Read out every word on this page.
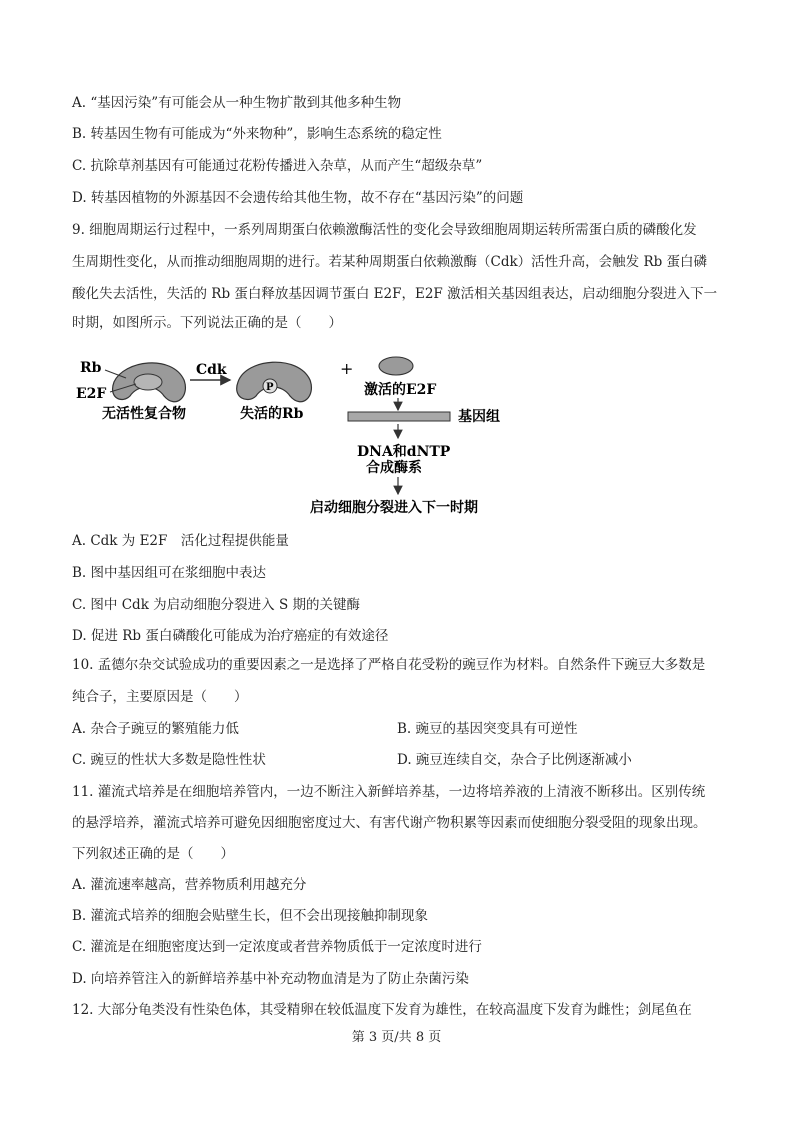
A. “基因污染”有可能会从一种生物扩散到其他多种生物
B. 转基因生物有可能成为“外来物种”，影响生态系统的稳定性
C. 抗除草剂基因有可能通过花粉传播进入杂草，从而产生“超级杂草”
D. 转基因植物的外源基因不会遗传给其他生物，故不存在“基因污染”的问题
9. 细胞周期运行过程中，一系列周期蛋白依赖激酶活性的变化会导致细胞周期运转所需蛋白质的磷酸化发
生周期性变化，从而推动细胞周期的进行。若某种周期蛋白依赖激酶（Cdk）活性升高，会触发 Rb 蛋白磷
酸化失去活性，失活的 Rb 蛋白释放基因调节蛋白 E2F，E2F 激活相关基因组表达，启动细胞分裂进入下一
时期，如图所示。下列说法正确的是（　　）
Rb
E2F
无活性复合物
Cdk
P
失活的Rb
+
激活的E2F
基因组
DNA和dNTP
合成酶系
启动细胞分裂进入下一时期
A. Cdk 为 E2F　活化过程提供能量
B. 图中基因组可在浆细胞中表达
C. 图中 Cdk 为启动细胞分裂进入 S 期的关键酶
D. 促进 Rb 蛋白磷酸化可能成为治疗癌症的有效途径
10. 孟德尔杂交试验成功的重要因素之一是选择了严格自花受粉的豌豆作为材料。自然条件下豌豆大多数是
纯合子，主要原因是（　　）
A. 杂合子豌豆的繁殖能力低	B. 豌豆的基因突变具有可逆性
C. 豌豆的性状大多数是隐性性状	D. 豌豆连续自交，杂合子比例逐渐减小
11. 灌流式培养是在细胞培养管内，一边不断注入新鲜培养基，一边将培养液的上清液不断移出。区别传统
的悬浮培养，灌流式培养可避免因细胞密度过大、有害代谢产物积累等因素而使细胞分裂受阻的现象出现。
下列叙述正确的是（　　）
A. 灌流速率越高，营养物质利用越充分
B. 灌流式培养的细胞会贴壁生长，但不会出现接触抑制现象
C. 灌流是在细胞密度达到一定浓度或者营养物质低于一定浓度时进行
D. 向培养管注入的新鲜培养基中补充动物血清是为了防止杂菌污染
12. 大部分龟类没有性染色体，其受精卵在较低温度下发育为雄性，在较高温度下发育为雌性；剑尾鱼在
第 3 页/共 8 页
